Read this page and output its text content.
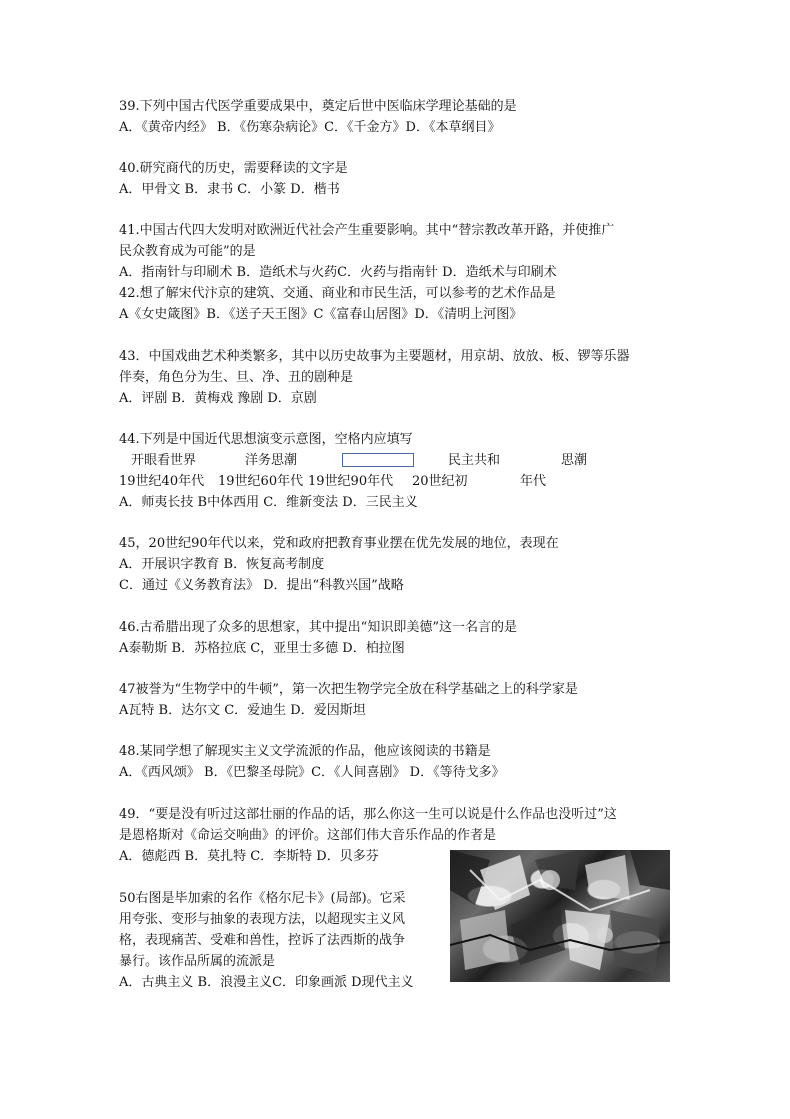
39.下列中国古代医学重要成果中，奠定后世中医临床学理论基础的是
A．《黄帝内经》 B．《伤寒杂病论》C．《千金方》D．《本草纲目》
40.研究商代的历史，需要释读的文字是
A．甲骨文 B．隶书 C．小篆 D．楷书
41.中国古代四大发明对欧洲近代社会产生重要影响。其中“替宗教改革开路，并使推广
民众教育成为可能”的是
A．指南针与印刷术 B．造纸术与火药C．火药与指南针 D．造纸术与印刷术
42.想了解宋代汴京的建筑、交通、商业和市民生活，可以参考的艺术作品是
A《女史箴图》B．《送子天王图》C《富春山居图》D．《清明上河图》
43．中国戏曲艺术种类繁多，其中以历史故事为主要题材，用京胡、放放、板、锣等乐器
伴奏，角色分为生、旦、净、丑的剧种是
A．评剧 B．黄梅戏 豫剧 D．京剧
44.下列是中国近代思想演变示意图，空格内应填写
开眼看世界	洋务思潮	民主共和	思潮
19世纪40年代 19世纪60年代 19世纪90年代 20世纪初	年代
A．师夷长技 B中体西用 C．维新变法 D．三民主义
45，20世纪90年代以来，党和政府把教育事业摆在优先发展的地位，表现在
A．开展识字教育 B．恢复高考制度
C．通过《义务教育法》 D．提出“科教兴国”战略
46.古希腊出现了众多的思想家，其中提出“知识即美德”这一名言的是
A泰勒斯 B．苏格拉底 C，亚里士多德 D．柏拉图
47被誉为“生物学中的牛顿”，第一次把生物学完全放在科学基础之上的科学家是
A瓦特 B．达尔文 C．爱迪生 D．爱因斯坦
48.某同学想了解现实主义文学流派的作品，他应该阅读的书籍是
A．《西风颂》 B．《巴黎圣母院》C．《人间喜剧》 D．《等待戈多》
49．“要是没有听过这部壮丽的作品的话，那么你这一生可以说是什么作品也没听过”这
是恩格斯对《命运交响曲》的评价。这部们伟大音乐作品的作者是
A．德彪西 B．莫扎特 C．李斯特 D．贝多芬
50右图是毕加索的名作《格尔尼卡》(局部)。它采
用夸张、变形与抽象的表现方法，以超现实主义风
格，表现痛苦、受难和兽性，控诉了法西斯的战争
暴行。该作品所属的流派是
A．古典主义 B．浪漫主义C．印象画派 D现代主义
